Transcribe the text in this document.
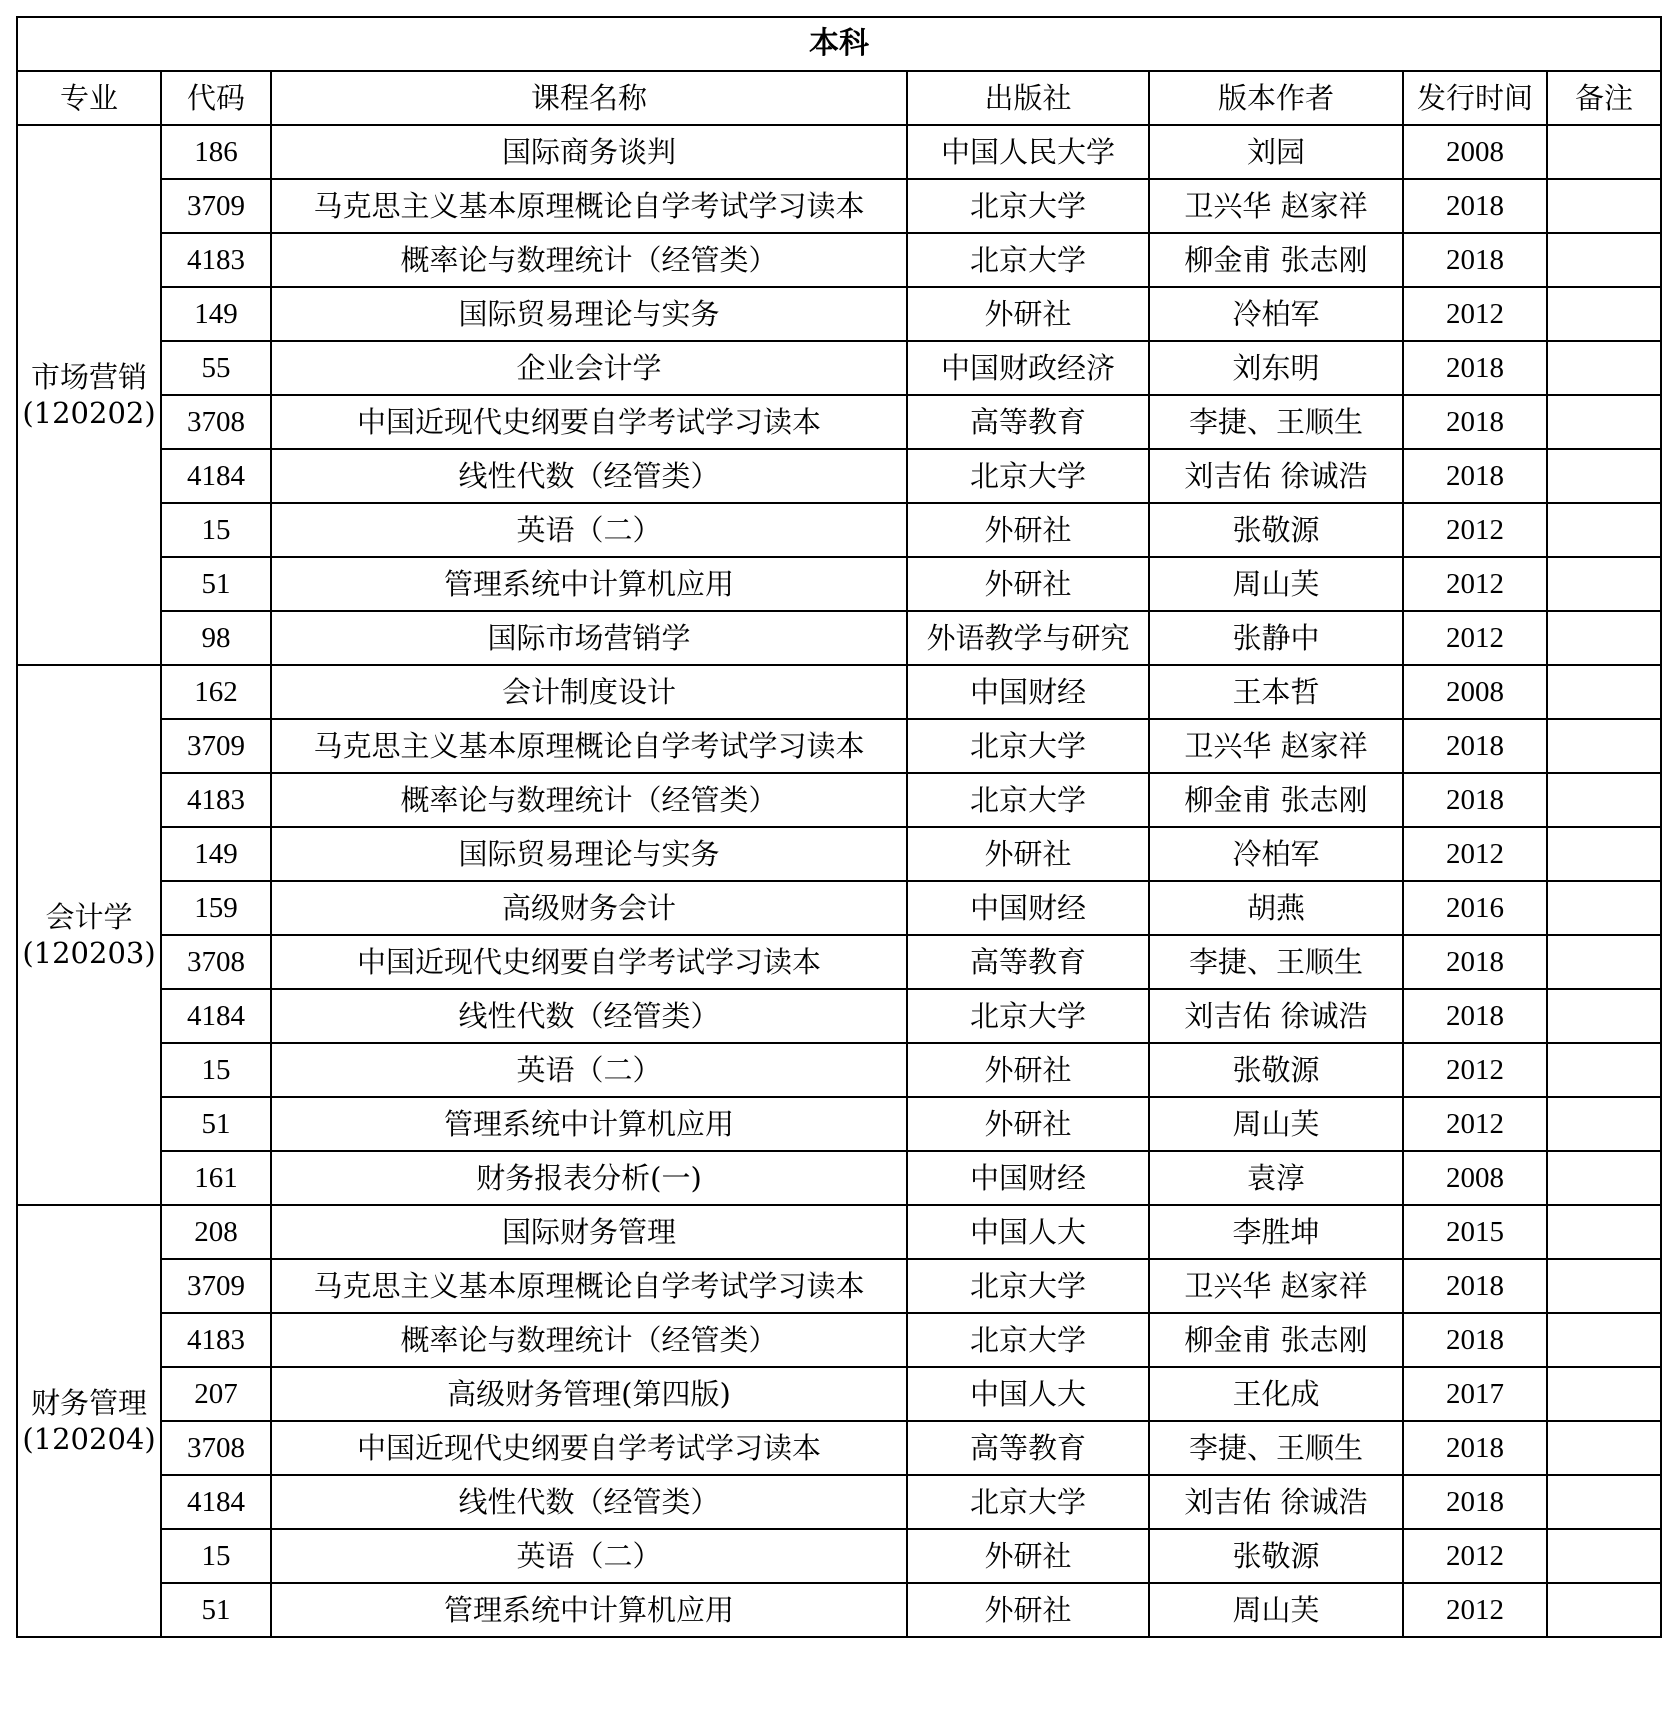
本科						
专业	代码	课程名称	出版社	版本作者	发行时间	备注

市场营销
(120202)	186	国际商务谈判	中国人民大学	刘园	2008	
	3709	马克思主义基本原理概论自学考试学习读本	北京大学	卫兴华 赵家祥	2018	
	4183	概率论与数理统计（经管类）	北京大学	柳金甫 张志刚	2018	
	149	国际贸易理论与实务	外研社	冷柏军	2012	
	55	企业会计学	中国财政经济	刘东明	2018	
	3708	中国近现代史纲要自学考试学习读本	高等教育	李捷、王顺生	2018	
	4184	线性代数（经管类）	北京大学	刘吉佑 徐诚浩	2018	
	15	英语（二）	外研社	张敬源	2012	
	51	管理系统中计算机应用	外研社	周山芙	2012	
	98	国际市场营销学	外语教学与研究	张静中	2012	

会计学
(120203)	162	会计制度设计	中国财经	王本哲	2008	
	3709	马克思主义基本原理概论自学考试学习读本	北京大学	卫兴华 赵家祥	2018	
	4183	概率论与数理统计（经管类）	北京大学	柳金甫 张志刚	2018	
	149	国际贸易理论与实务	外研社	冷柏军	2012	
	159	高级财务会计	中国财经	胡燕	2016	
	3708	中国近现代史纲要自学考试学习读本	高等教育	李捷、王顺生	2018	
	4184	线性代数（经管类）	北京大学	刘吉佑 徐诚浩	2018	
	15	英语（二）	外研社	张敬源	2012	
	51	管理系统中计算机应用	外研社	周山芙	2012	
	161	财务报表分析(一)	中国财经	袁淳	2008	

财务管理
(120204)	208	国际财务管理	中国人大	李胜坤	2015	
	3709	马克思主义基本原理概论自学考试学习读本	北京大学	卫兴华 赵家祥	2018	
	4183	概率论与数理统计（经管类）	北京大学	柳金甫 张志刚	2018	
	207	高级财务管理(第四版)	中国人大	王化成	2017	
	3708	中国近现代史纲要自学考试学习读本	高等教育	李捷、王顺生	2018	
	4184	线性代数（经管类）	北京大学	刘吉佑 徐诚浩	2018	
	15	英语（二）	外研社	张敬源	2012	
	51	管理系统中计算机应用	外研社	周山芙	2012	
